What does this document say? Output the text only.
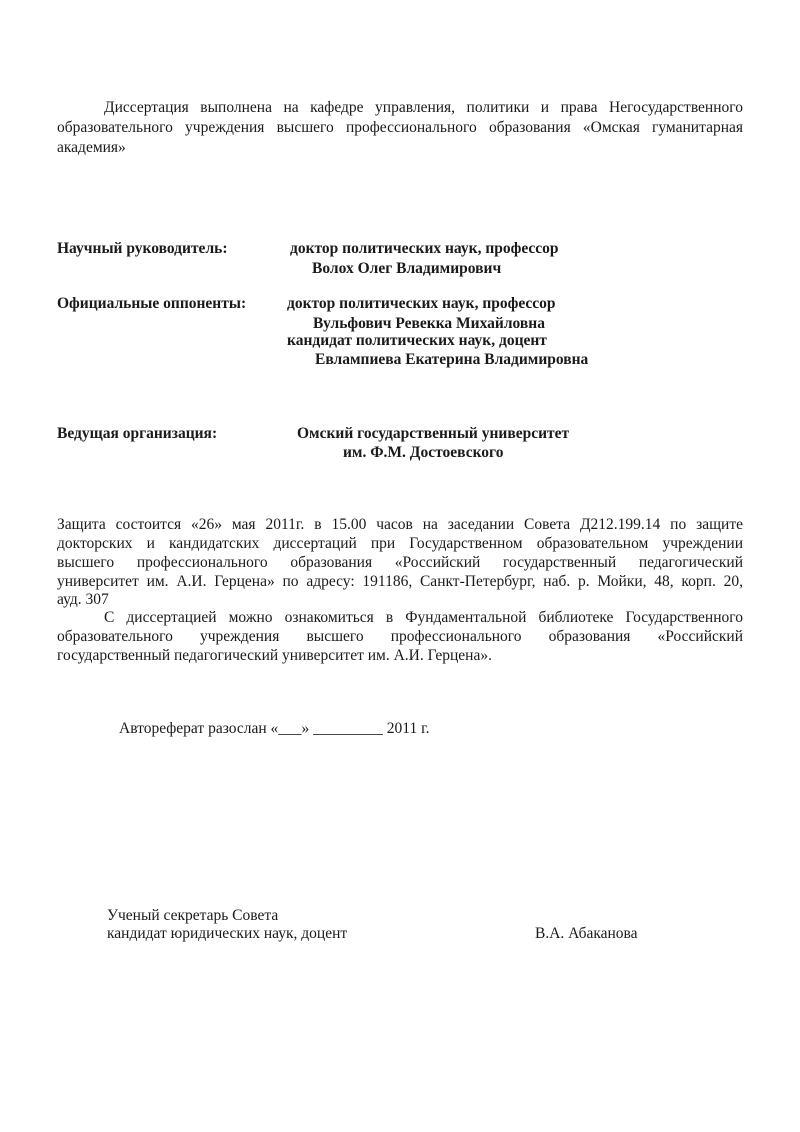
Диссертация выполнена на кафедре управления, политики и права Негосударственного
образовательного учреждения высшего профессионального образования «Омская гуманитарная
академия»
Научный руководитель:	доктор политических наук, профессор
Волох Олег Владимирович
Официальные оппоненты:	доктор политических наук, профессор
Вульфович Ревекка Михайловна
кандидат политических наук, доцент
Евлампиева Екатерина Владимировна
Ведущая организация:	Омский государственный университет
им. Ф.М. Достоевского
Защита состоится «26» мая 2011г. в 15.00 часов на заседании Совета Д212.199.14 по защите
докторских и кандидатских диссертаций при Государственном образовательном учреждении
высшего профессионального образования «Российский государственный педагогический
университет им. А.И. Герцена» по адресу: 191186, Санкт-Петербург, наб. р. Мойки, 48, корп. 20,
ауд. 307
С диссертацией можно ознакомиться в Фундаментальной библиотеке Государственного
образовательного учреждения высшего профессионального образования «Российский
государственный педагогический университет им. А.И. Герцена».
Автореферат разослан «___» _________ 2011 г.
Ученый секретарь Совета
кандидат юридических наук, доцент	В.А. Абаканова
